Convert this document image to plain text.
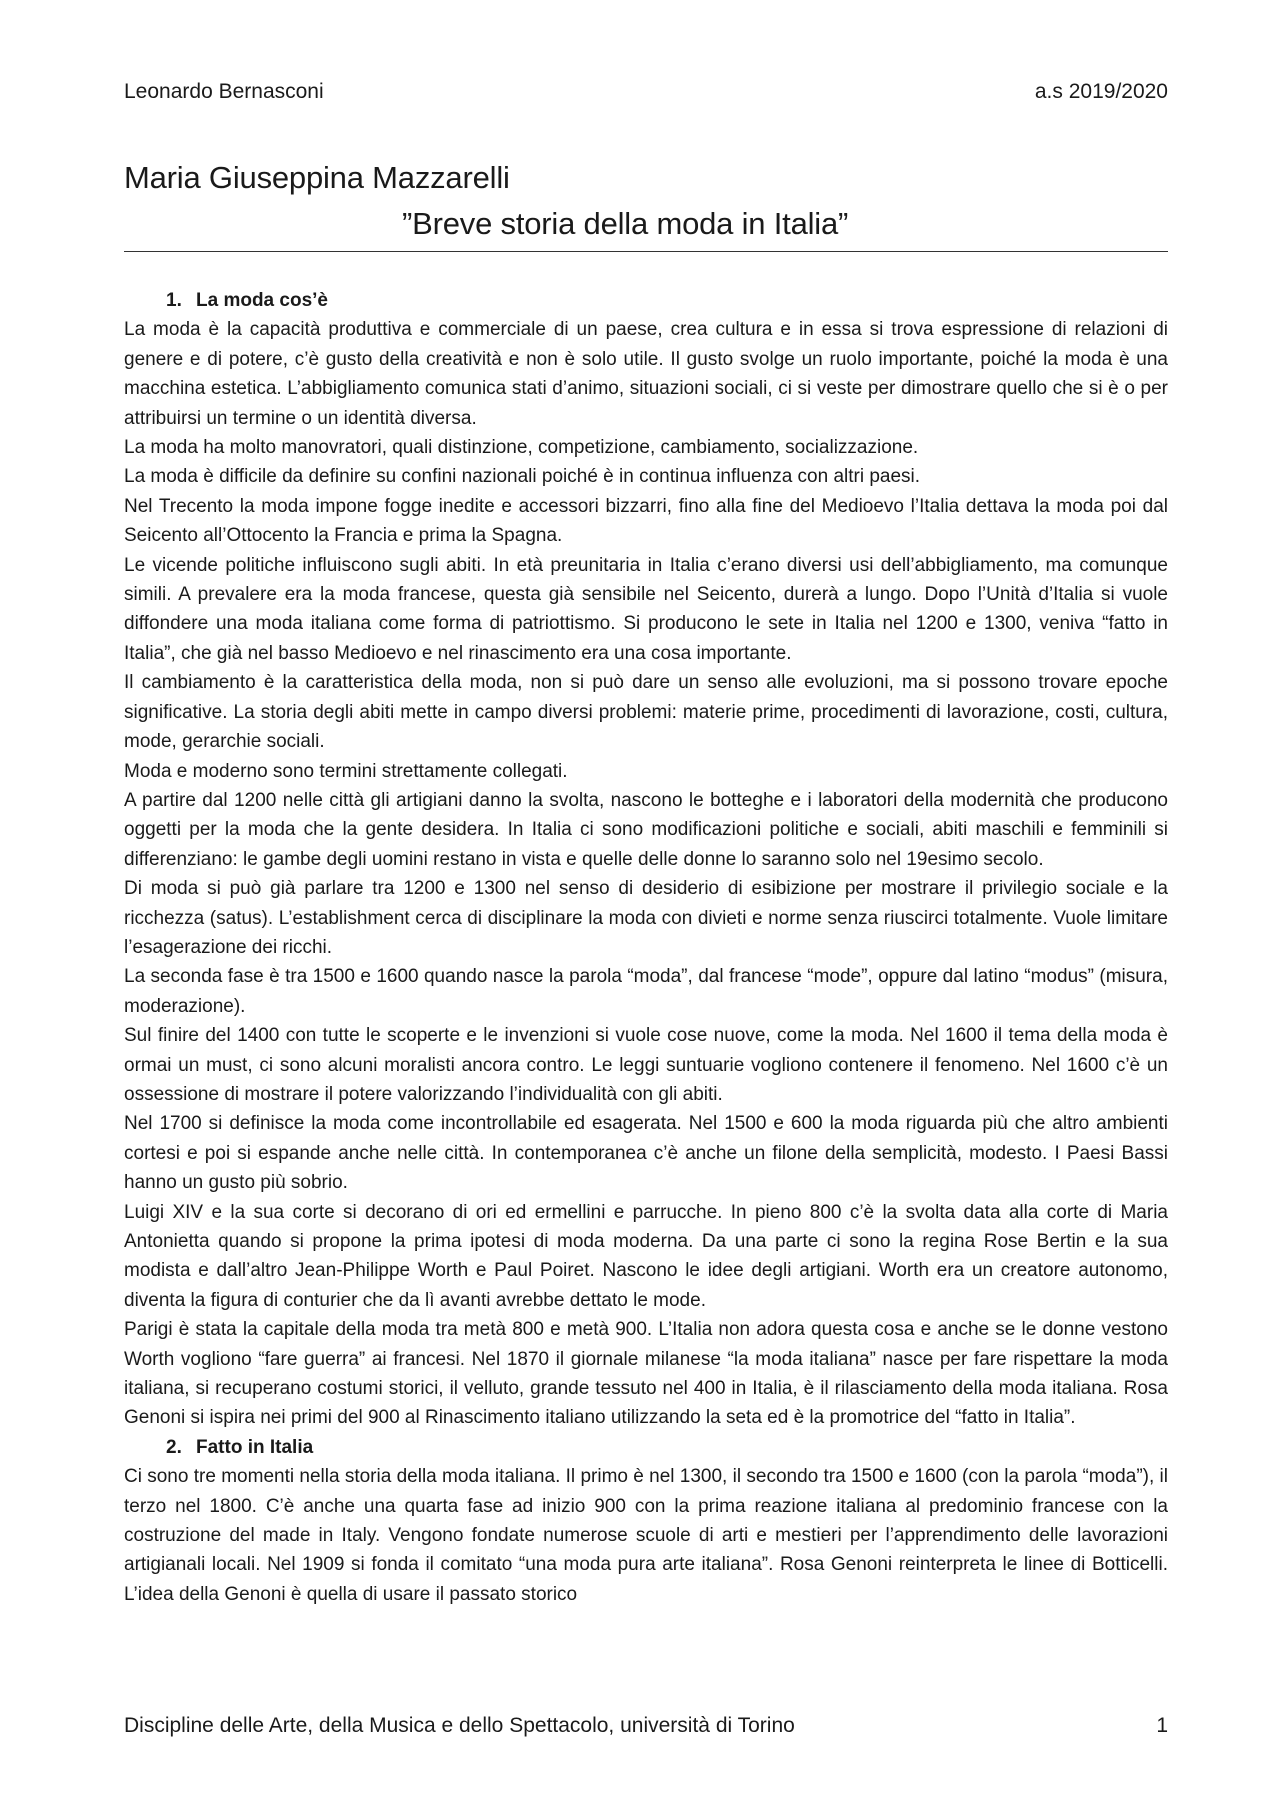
Leonardo Bernasconi	a.s 2019/2020
Maria Giuseppina Mazzarelli
”Breve storia della moda in Italia”

1. La moda cos’è

La moda è la capacità produttiva e commerciale di un paese, crea cultura e in essa si trova espressione di relazioni di genere e di potere, c’è gusto della creatività e non è solo utile. Il gusto svolge un ruolo importante, poiché la moda è una macchina estetica. L’abbigliamento comunica stati d’animo, situazioni sociali, ci si veste per dimostrare quello che si è o per attribuirsi un termine o un identità diversa.

La moda ha molto manovratori, quali distinzione, competizione, cambiamento, socializzazione.

La moda è difficile da definire su confini nazionali poiché è in continua influenza con altri paesi.

Nel Trecento la moda impone fogge inedite e accessori bizzarri, fino alla fine del Medioevo l’Italia dettava la moda poi dal Seicento all’Ottocento la Francia e prima la Spagna.

Le vicende politiche influiscono sugli abiti. In età preunitaria in Italia c’erano diversi usi dell’abbigliamento, ma comunque simili. A prevalere era la moda francese, questa già sensibile nel Seicento, durerà a lungo. Dopo l’Unità d’Italia si vuole diffondere una moda italiana come forma di patriottismo. Si producono le sete in Italia nel 1200 e 1300, veniva “fatto in Italia”, che già nel basso Medioevo e nel rinascimento era una cosa importante.

Il cambiamento è la caratteristica della moda, non si può dare un senso alle evoluzioni, ma si possono trovare epoche significative. La storia degli abiti mette in campo diversi problemi: materie prime, procedimenti di lavorazione, costi, cultura, mode, gerarchie sociali.

Moda e moderno sono termini strettamente collegati.

A partire dal 1200 nelle città gli artigiani danno la svolta, nascono le botteghe e i laboratori della modernità che producono oggetti per la moda che la gente desidera. In Italia ci sono modificazioni politiche e sociali, abiti maschili e femminili si differenziano: le gambe degli uomini restano in vista e quelle delle donne lo saranno solo nel 19esimo secolo.

Di moda si può già parlare tra 1200 e 1300 nel senso di desiderio di esibizione per mostrare il privilegio sociale e la ricchezza (satus). L’establishment cerca di disciplinare la moda con divieti e norme senza riuscirci totalmente. Vuole limitare l’esagerazione dei ricchi.

La seconda fase è tra 1500 e 1600 quando nasce la parola “moda”, dal francese “mode”, oppure dal latino “modus” (misura, moderazione).

Sul finire del 1400 con tutte le scoperte e le invenzioni si vuole cose nuove, come la moda. Nel 1600 il tema della moda è ormai un must, ci sono alcuni moralisti ancora contro. Le leggi suntuarie vogliono contenere il fenomeno. Nel 1600 c’è un ossessione di mostrare il potere valorizzando l’individualità con gli abiti.

Nel 1700 si definisce la moda come incontrollabile ed esagerata. Nel 1500 e 600 la moda riguarda più che altro ambienti cortesi e poi si espande anche nelle città. In contemporanea c’è anche un filone della semplicità, modesto. I Paesi Bassi hanno un gusto più sobrio.

Luigi XIV e la sua corte si decorano di ori ed ermellini e parrucche. In pieno 800 c’è la svolta data alla corte di Maria Antonietta quando si propone la prima ipotesi di moda moderna. Da una parte ci sono la regina Rose Bertin e la sua modista e dall’altro Jean-Philippe Worth e Paul Poiret. Nascono le idee degli artigiani. Worth era un creatore autonomo, diventa la figura di conturier che da lì avanti avrebbe dettato le mode.

Parigi è stata la capitale della moda tra metà 800 e metà 900. L’Italia non adora questa cosa e anche se le donne vestono Worth vogliono “fare guerra” ai francesi. Nel 1870 il giornale milanese “la moda italiana” nasce per fare rispettare la moda italiana, si recuperano costumi storici, il velluto, grande tessuto nel 400 in Italia, è il rilasciamento della moda italiana. Rosa Genoni si ispira nei primi del 900 al Rinascimento italiano utilizzando la seta ed è la promotrice del “fatto in Italia”.

2. Fatto in Italia

Ci sono tre momenti nella storia della moda italiana. Il primo è nel 1300, il secondo tra 1500 e 1600 (con la parola “moda”), il terzo nel 1800. C’è anche una quarta fase ad inizio 900 con la prima reazione italiana al predominio francese con la costruzione del made in Italy. Vengono fondate numerose scuole di arti e mestieri per l’apprendimento delle lavorazioni artigianali locali. Nel 1909 si fonda il comitato “una moda pura arte italiana”. Rosa Genoni reinterpreta le linee di Botticelli. L’idea della Genoni è quella di usare il passato storico

Discipline delle Arte, della Musica e dello Spettacolo, università di Torino	1
